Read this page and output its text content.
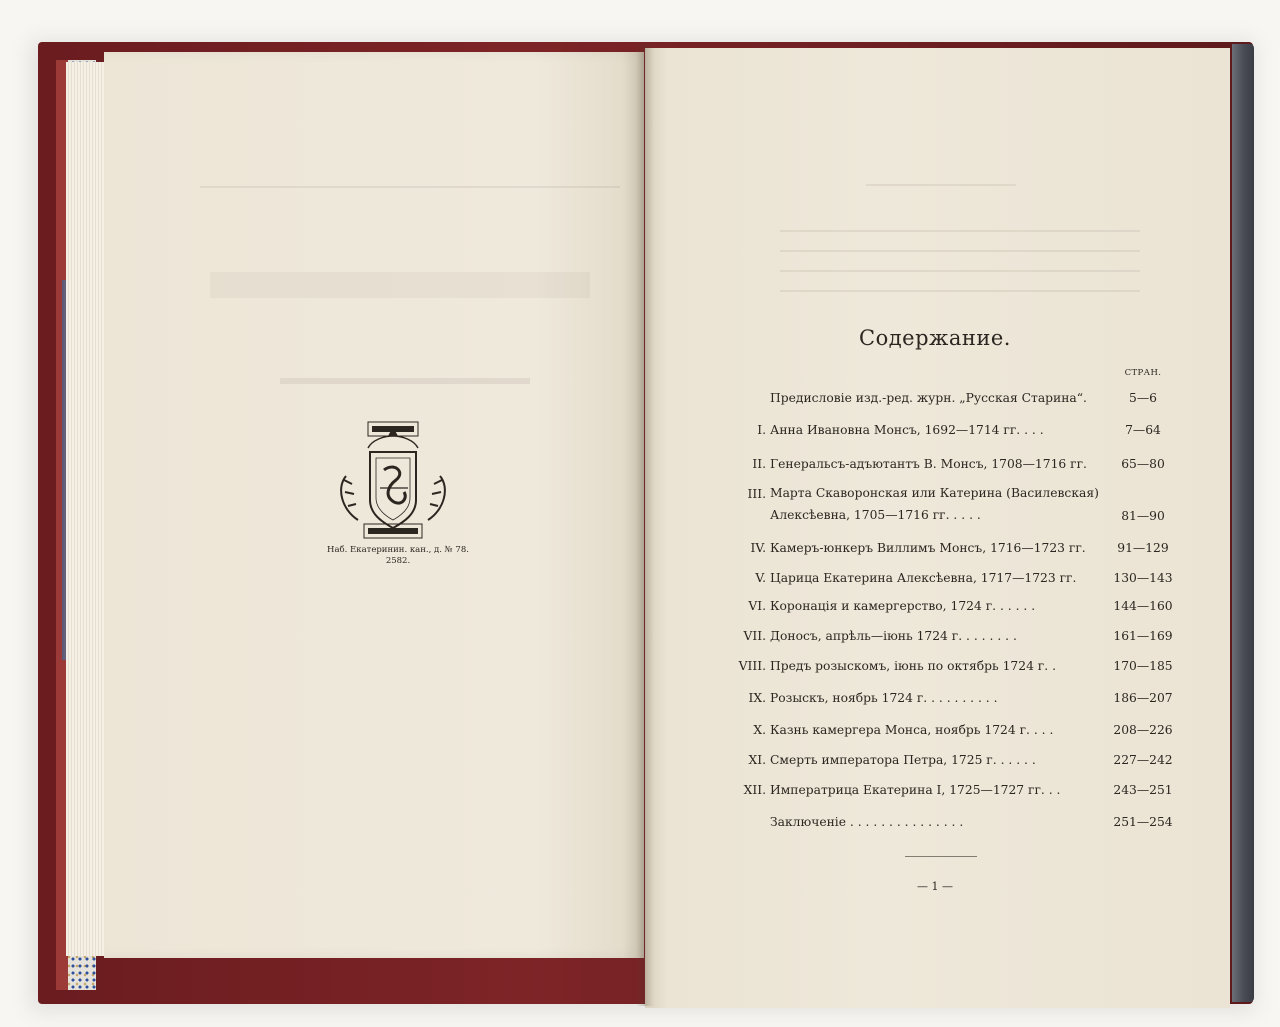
Наб. Екатеринин. кан., д. № 78.
2582.
Содержание.
СТРАН.
Предисловіе изд.-ред. журн. „Русская Старина“.	5—6
I. Анна Ивановна Монсъ, 1692—1714 гг. . . .	7—64
II. Генеральсъ-адъютантъ В. Монсъ, 1708—1716 гг.	65—80
III. Марта Скаворонская или Катерина (Василевская) Алексѣевна, 1705—1716 гг. . . . .	81—90
IV. Камеръ-юнкеръ Виллимъ Монсъ, 1716—1723 гг.	91—129
V. Царица Екатерина Алексѣевна, 1717—1723 гг.	130—143
VI. Коронація и камергерство, 1724 г. . . . . .	144—160
VII. Доносъ, апрѣль—іюнь 1724 г. . . . . . . .	161—169
VIII. Предъ розыскомъ, іюнь по октябрь 1724 г. .	170—185
IX. Розыскъ, ноябрь 1724 г. . . . . . . . . .	186—207
X. Казнь камергера Монса, ноябрь 1724 г. . . .	208—226
XI. Смерть императора Петра, 1725 г. . . . . .	227—242
XII. Императрица Екатерина I, 1725—1727 гг. . .	243—251
Заключеніе . . . . . . . . . . . . . . .	251—254
— 1 —
